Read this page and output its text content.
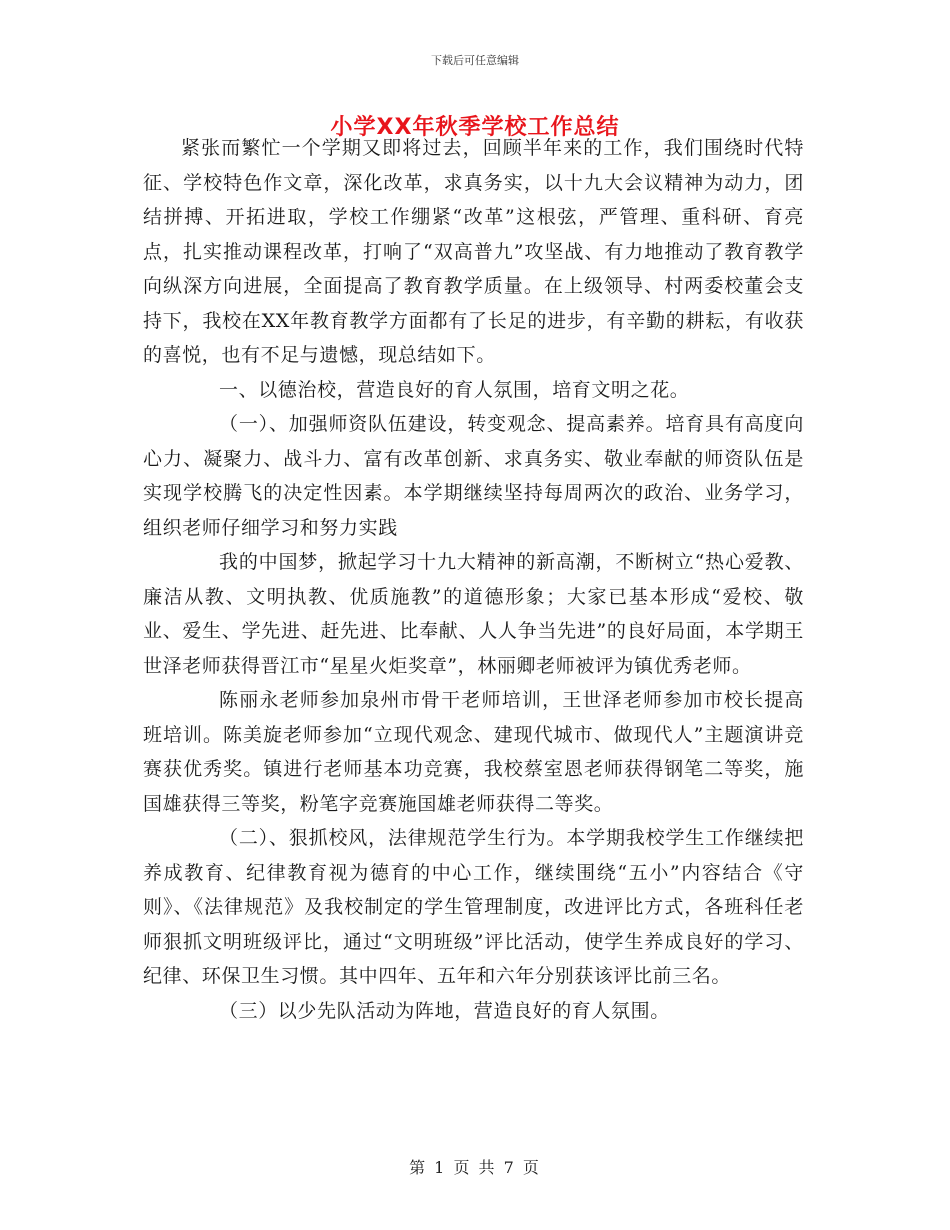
下载后可任意编辑
小学XX年秋季学校工作总结

紧张而繁忙一个学期又即将过去，回顾半年来的工作，我们围绕时代特征、学校特色作文章，深化改革，求真务实，以十九大会议精神为动力，团结拼搏、开拓进取，学校工作绷紧“改革”这根弦，严管理、重科研、育亮点，扎实推动课程改革，打响了“双高普九”攻坚战、有力地推动了教育教学向纵深方向进展，全面提高了教育教学质量。在上级领导、村两委校董会支持下，我校在XX年教育教学方面都有了长足的进步，有辛勤的耕耘，有收获的喜悦，也有不足与遗憾，现总结如下。

一、以德治校，营造良好的育人氛围，培育文明之花。

（一）、加强师资队伍建设，转变观念、提高素养。培育具有高度向心力、凝聚力、战斗力、富有改革创新、求真务实、敬业奉献的师资队伍是实现学校腾飞的决定性因素。本学期继续坚持每周两次的政治、业务学习，组织老师仔细学习和努力实践

我的中国梦，掀起学习十九大精神的新高潮，不断树立“热心爱教、廉洁从教、文明执教、优质施教”的道德形象；大家已基本形成“爱校、敬业、爱生、学先进、赶先进、比奉献、人人争当先进”的良好局面，本学期王世泽老师获得晋江市“星星火炬奖章”，林丽卿老师被评为镇优秀老师。

陈丽永老师参加泉州市骨干老师培训，王世泽老师参加市校长提高班培训。陈美旋老师参加“立现代观念、建现代城市、做现代人”主题演讲竞赛获优秀奖。镇进行老师基本功竞赛，我校蔡室恩老师获得钢笔二等奖，施国雄获得三等奖，粉笔字竞赛施国雄老师获得二等奖。

（二）、狠抓校风，法律规范学生行为。本学期我校学生工作继续把养成教育、纪律教育视为德育的中心工作，继续围绕“五小”内容结合《守则》、《法律规范》及我校制定的学生管理制度，改进评比方式，各班科任老师狠抓文明班级评比，通过“文明班级”评比活动，使学生养成良好的学习、纪律、环保卫生习惯。其中四年、五年和六年分别获该评比前三名。

（三）以少先队活动为阵地，营造良好的育人氛围。

第 1 页 共 7 页
